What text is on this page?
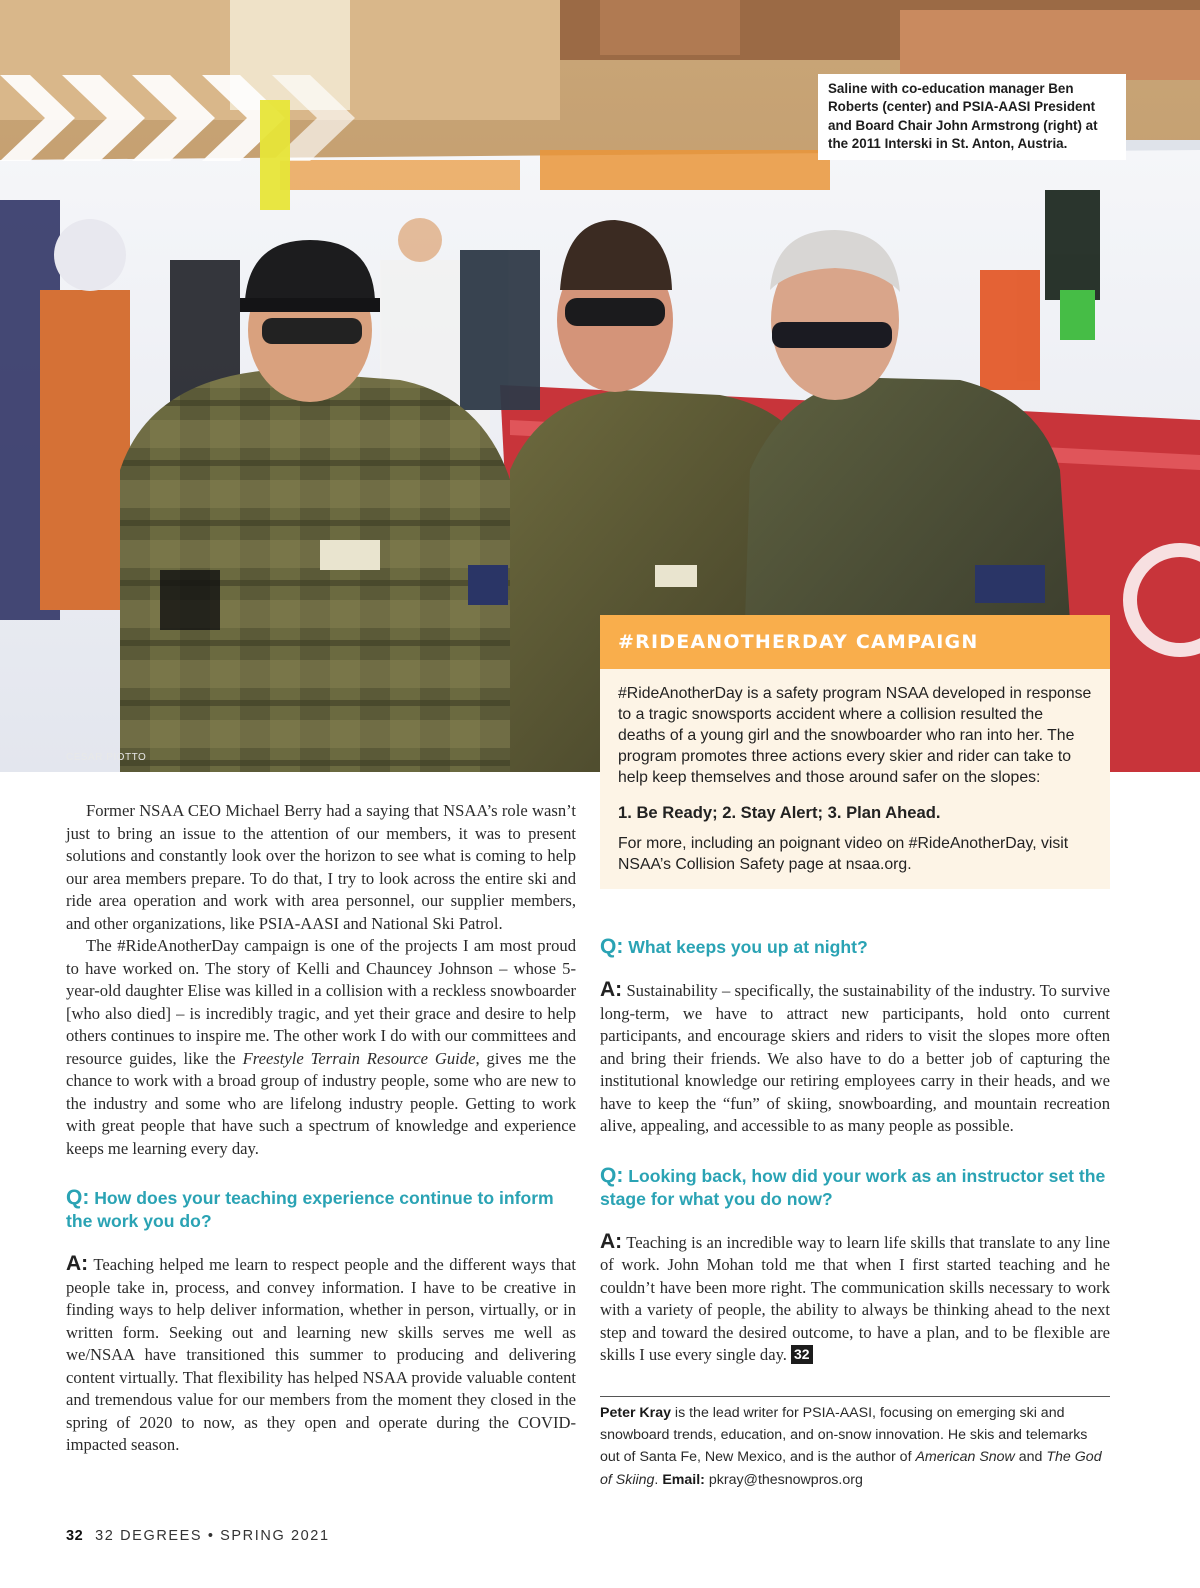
CESAR PIOTTO
Saline with co-education manager Ben Roberts (center) and PSIA-AASI President and Board Chair John Armstrong (right) at the 2011 Interski in St. Anton, Austria.
#RIDEANOTHERDAY CAMPAIGN

#RideAnotherDay is a safety program NSAA developed in response to a tragic snowsports accident where a collision resulted the deaths of a young girl and the snowboarder who ran into her. The program promotes three actions every skier and rider can take to help keep themselves and those around safer on the slopes:

1. Be Ready; 2. Stay Alert; 3. Plan Ahead.

For more, including an poignant video on #RideAnotherDay, visit NSAA’s Collision Safety page at nsaa.org.

Former NSAA CEO Michael Berry had a saying that NSAA’s role wasn’t just to bring an issue to the attention of our members, it was to present solutions and constantly look over the horizon to see what is coming to help our area members prepare. To do that, I try to look across the entire ski and ride area operation and work with area personnel, our supplier members, and other organizations, like PSIA-AASI and National Ski Patrol.

The #RideAnotherDay campaign is one of the projects I am most proud to have worked on. The story of Kelli and Chauncey Johnson – whose 5-year-old daughter Elise was killed in a collision with a reckless snowboarder [who also died] – is incredibly tragic, and yet their grace and desire to help others continues to inspire me. The other work I do with our committees and resource guides, like the Freestyle Terrain Resource Guide, gives me the chance to work with a broad group of industry people, some who are new to the industry and some who are lifelong industry people. Getting to work with great people that have such a spectrum of knowledge and experience keeps me learning every day.

Q: How does your teaching experience continue to inform the work you do?

A: Teaching helped me learn to respect people and the different ways that people take in, process, and convey information. I have to be creative in finding ways to help deliver information, whether in person, virtually, or in written form. Seeking out and learning new skills serves me well as we/NSAA have transitioned this summer to producing and delivering content virtually. That flexibility has helped NSAA provide valuable content and tremendous value for our members from the moment they closed in the spring of 2020 to now, as they open and operate during the COVID-impacted season.

Q: What keeps you up at night?

A: Sustainability – specifically, the sustainability of the industry. To survive long-term, we have to attract new participants, hold onto current participants, and encourage skiers and riders to visit the slopes more often and bring their friends. We also have to do a better job of capturing the institutional knowledge our retiring employees carry in their heads, and we have to keep the “fun” of skiing, snowboarding, and mountain recreation alive, appealing, and accessible to as many people as possible.

Q: Looking back, how did your work as an instructor set the stage for what you do now?

A: Teaching is an incredible way to learn life skills that translate to any line of work. John Mohan told me that when I first started teaching and he couldn’t have been more right. The communication skills necessary to work with a variety of people, the ability to always be thinking ahead to the next step and toward the desired outcome, to have a plan, and to be flexible are skills I use every single day. 32

Peter Kray is the lead writer for PSIA-AASI, focusing on emerging ski and snowboard trends, education, and on-snow innovation. He skis and telemarks out of Santa Fe, New Mexico, and is the author of American Snow and The God of Skiing. Email: pkray@thesnowpros.org
32 32 DEGREES • SPRING 2021
